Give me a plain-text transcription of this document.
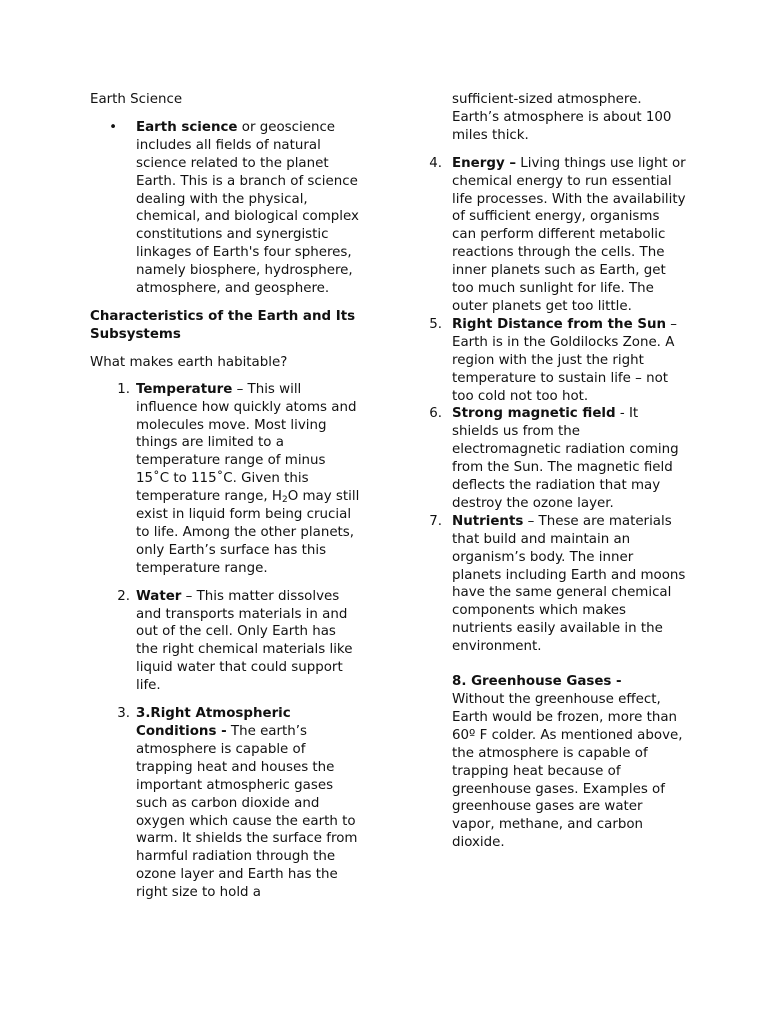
Earth Science

• Earth science or geoscience includes all fields of natural science related to the planet Earth. This is a branch of science dealing with the physical, chemical, and biological complex constitutions and synergistic linkages of Earth's four spheres, namely biosphere, hydrosphere, atmosphere, and geosphere.

Characteristics of the Earth and Its Subsystems

What makes earth habitable?

1. Temperature – This will influence how quickly atoms and molecules move. Most living things are limited to a temperature range of minus 15˚C to 115˚C. Given this temperature range, $H_2O$ may still exist in liquid form being crucial to life. Among the other planets, only Earth’s surface has this temperature range.
2. Water – This matter dissolves and transports materials in and out of the cell. Only Earth has the right chemical materials like liquid water that could support life.
3. 3.Right Atmospheric Conditions - The earth’s atmosphere is capable of trapping heat and houses the important atmospheric gases such as carbon dioxide and oxygen which cause the earth to warm. It shields the surface from harmful radiation through the ozone layer and Earth has the right size to hold a

sufficient-sized atmosphere. Earth’s atmosphere is about 100 miles thick.

4. Energy – Living things use light or chemical energy to run essential life processes. With the availability of sufficient energy, organisms can perform different metabolic reactions through the cells. The inner planets such as Earth, get too much sunlight for life. The outer planets get too little.
5. Right Distance from the Sun – Earth is in the Goldilocks Zone. A region with the just the right temperature to sustain life – not too cold not too hot.
6. Strong magnetic field - It shields us from the electromagnetic radiation coming from the Sun. The magnetic field deflects the radiation that may destroy the ozone layer.
7. Nutrients – These are materials that build and maintain an organism’s body. The inner planets including Earth and moons have the same general chemical components which makes nutrients easily available in the environment.

8. Greenhouse Gases -

Without the greenhouse effect, Earth would be frozen, more than 60º F colder. As mentioned above, the atmosphere is capable of trapping heat because of greenhouse gases. Examples of greenhouse gases are water vapor, methane, and carbon dioxide.
